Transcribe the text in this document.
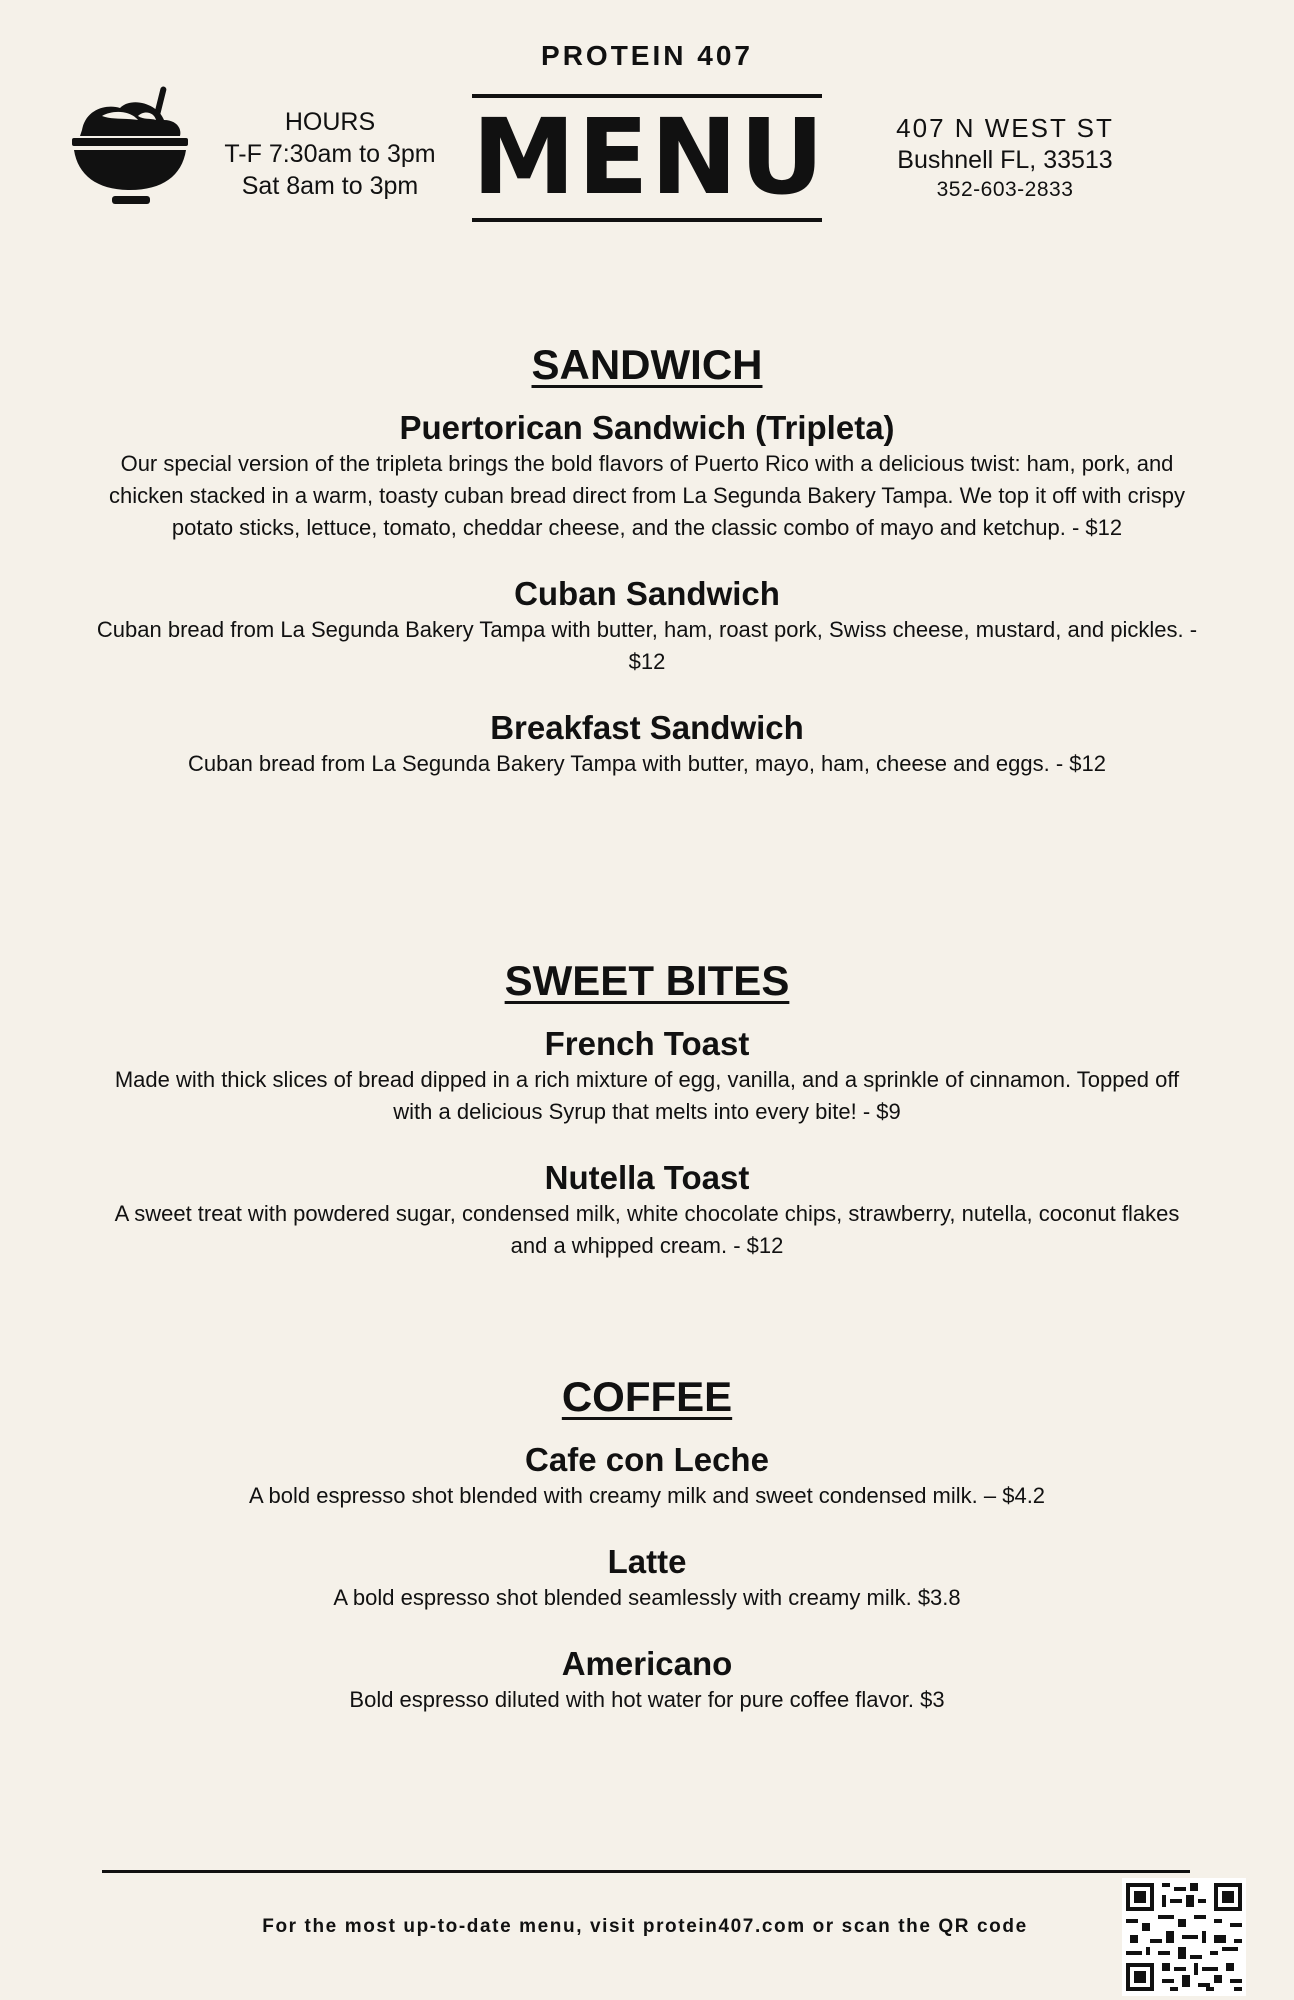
HOURS
T-F 7:30am to 3pm
Sat 8am to 3pm
PROTEIN 407
MENU	407 N WEST ST
Bushnell FL, 33513
352-603-2833
SANDWICH
Puertorican Sandwich (Tripleta)
Our special version of the tripleta brings the bold flavors of Puerto Rico with a delicious twist: ham, pork, and chicken stacked in a warm, toasty cuban bread direct from La Segunda Bakery Tampa. We top it off with crispy potato sticks, lettuce, tomato, cheddar cheese, and the classic combo of mayo and ketchup. - $12
Cuban Sandwich
Cuban bread from La Segunda Bakery Tampa with butter, ham, roast pork, Swiss cheese, mustard, and pickles. - $12
Breakfast Sandwich
Cuban bread from La Segunda Bakery Tampa with butter, mayo, ham, cheese and eggs. - $12
SWEET BITES
French Toast
Made with thick slices of bread dipped in a rich mixture of egg, vanilla, and a sprinkle of cinnamon. Topped off with a delicious Syrup that melts into every bite! - $9
Nutella Toast
A sweet treat with powdered sugar, condensed milk, white chocolate chips, strawberry, nutella, coconut flakes and a whipped cream. - $12
COFFEE
Cafe con Leche
A bold espresso shot blended with creamy milk and sweet condensed milk. – $4.2
Latte
A bold espresso shot blended seamlessly with creamy milk. $3.8
Americano
Bold espresso diluted with hot water for pure coffee flavor. $3
For the most up-to-date menu, visit protein407.com or scan the QR code
